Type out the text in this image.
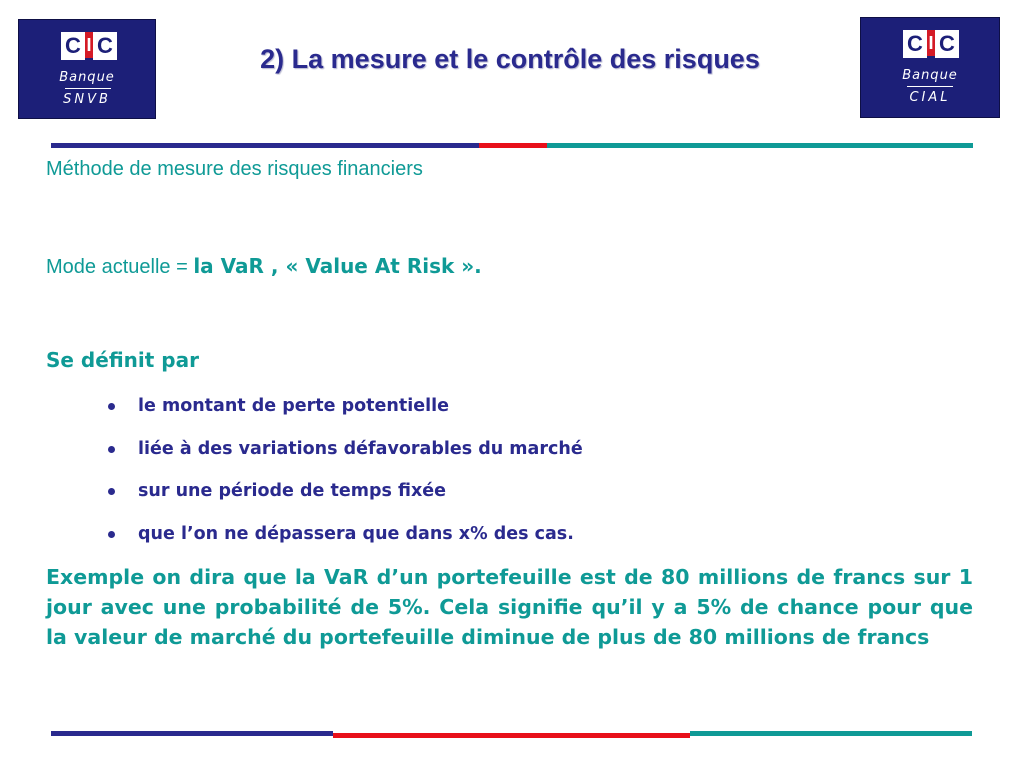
C I C
Banque
SNVB
2) La mesure et le contrôle des risques
C I C
Banque
CIAL

Méthode de mesure des risques financiers

Mode actuelle = la VaR , « Value At Risk ».

Se définit par

le montant de perte potentielle
liée à des variations défavorables du marché
sur une période de temps fixée
que l’on ne dépassera que dans x% des cas.

Exemple on dira que la VaR d’un portefeuille est de 80 millions de francs sur 1 jour avec une probabilité de 5%. Cela signifie qu’il y a 5% de chance pour que la valeur de marché du portefeuille diminue de plus de 80 millions de francs
